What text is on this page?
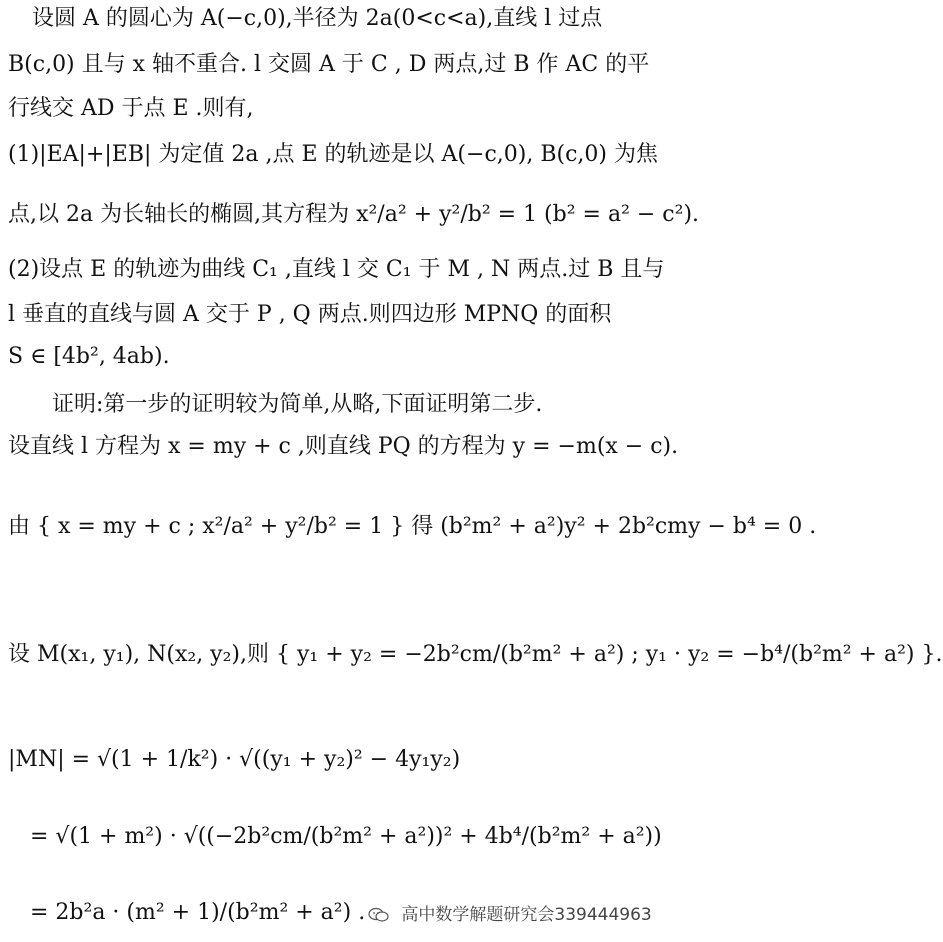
设圆 A 的圆心为 A(−c,0),半径为 2a(0<c<a),直线 l 过点
B(c,0) 且与 x 轴不重合. l 交圆 A 于 C , D 两点,过 B 作 AC 的平
行线交 AD 于点 E .则有,
(1)|EA|+|EB| 为定值 2a ,点 E 的轨迹是以 A(−c,0), B(c,0) 为焦
点,以 2a 为长轴长的椭圆,其方程为 x²/a² + y²/b² = 1 (b² = a² − c²).
(2)设点 E 的轨迹为曲线 C₁ ,直线 l 交 C₁ 于 M , N 两点.过 B 且与
l 垂直的直线与圆 A 交于 P , Q 两点.则四边形 MPNQ 的面积
S ∈ [4b², 4ab).
证明:第一步的证明较为简单,从略,下面证明第二步.
设直线 l 方程为 x = my + c ,则直线 PQ 的方程为 y = −m(x − c).
由 { x = my + c ; x²/a² + y²/b² = 1 } 得 (b²m² + a²)y² + 2b²cmy − b⁴ = 0 .
设 M(x₁, y₁), N(x₂, y₂),则 { y₁ + y₂ = −2b²cm/(b²m² + a²) ; y₁ · y₂ = −b⁴/(b²m² + a²) }.
|MN| = √(1 + 1/k²) · √((y₁ + y₂)² − 4y₁y₂)
= √(1 + m²) · √((−2b²cm/(b²m² + a²))² + 4b⁴/(b²m² + a²))
= 2b²a · (m² + 1)/(b²m² + a²) .	高中数学解题研究会339444963
